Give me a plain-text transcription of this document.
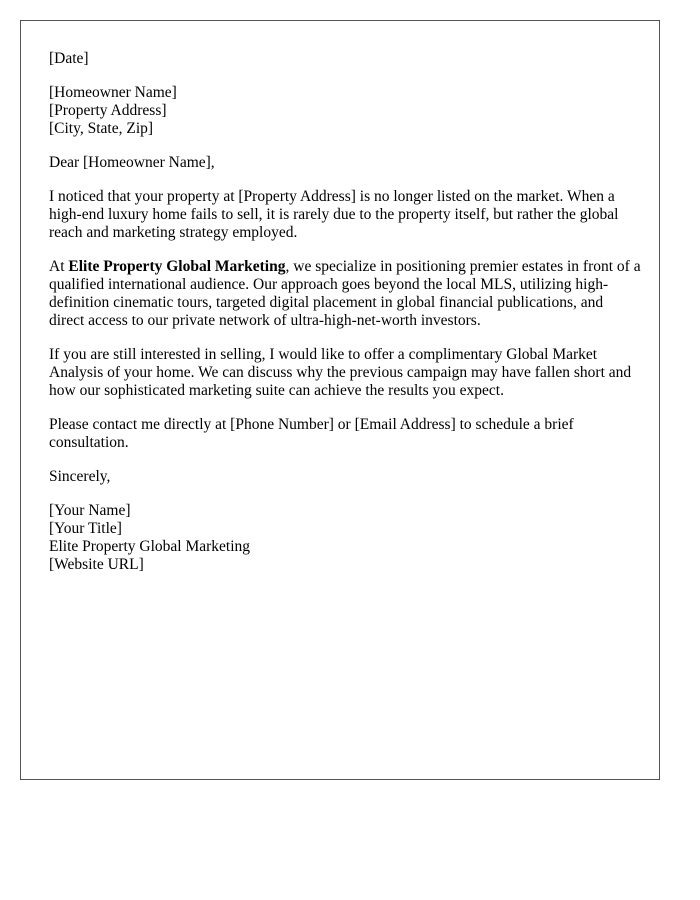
[Date]
[Homeowner Name]
[Property Address]
[City, State, Zip]
Dear [Homeowner Name],

I noticed that your property at [Property Address] is no longer listed on the market. When a high-end luxury home fails to sell, it is rarely due to the property itself, but rather the global reach and marketing strategy employed.

At Elite Property Global Marketing, we specialize in positioning premier estates in front of a qualified international audience. Our approach goes beyond the local MLS, utilizing high-definition cinematic tours, targeted digital placement in global financial publications, and direct access to our private network of ultra-high-net-worth investors.

If you are still interested in selling, I would like to offer a complimentary Global Market Analysis of your home. We can discuss why the previous campaign may have fallen short and how our sophisticated marketing suite can achieve the results you expect.

Please contact me directly at [Phone Number] or [Email Address] to schedule a brief consultation.

Sincerely,
[Your Name]
[Your Title]
Elite Property Global Marketing
[Website URL]
